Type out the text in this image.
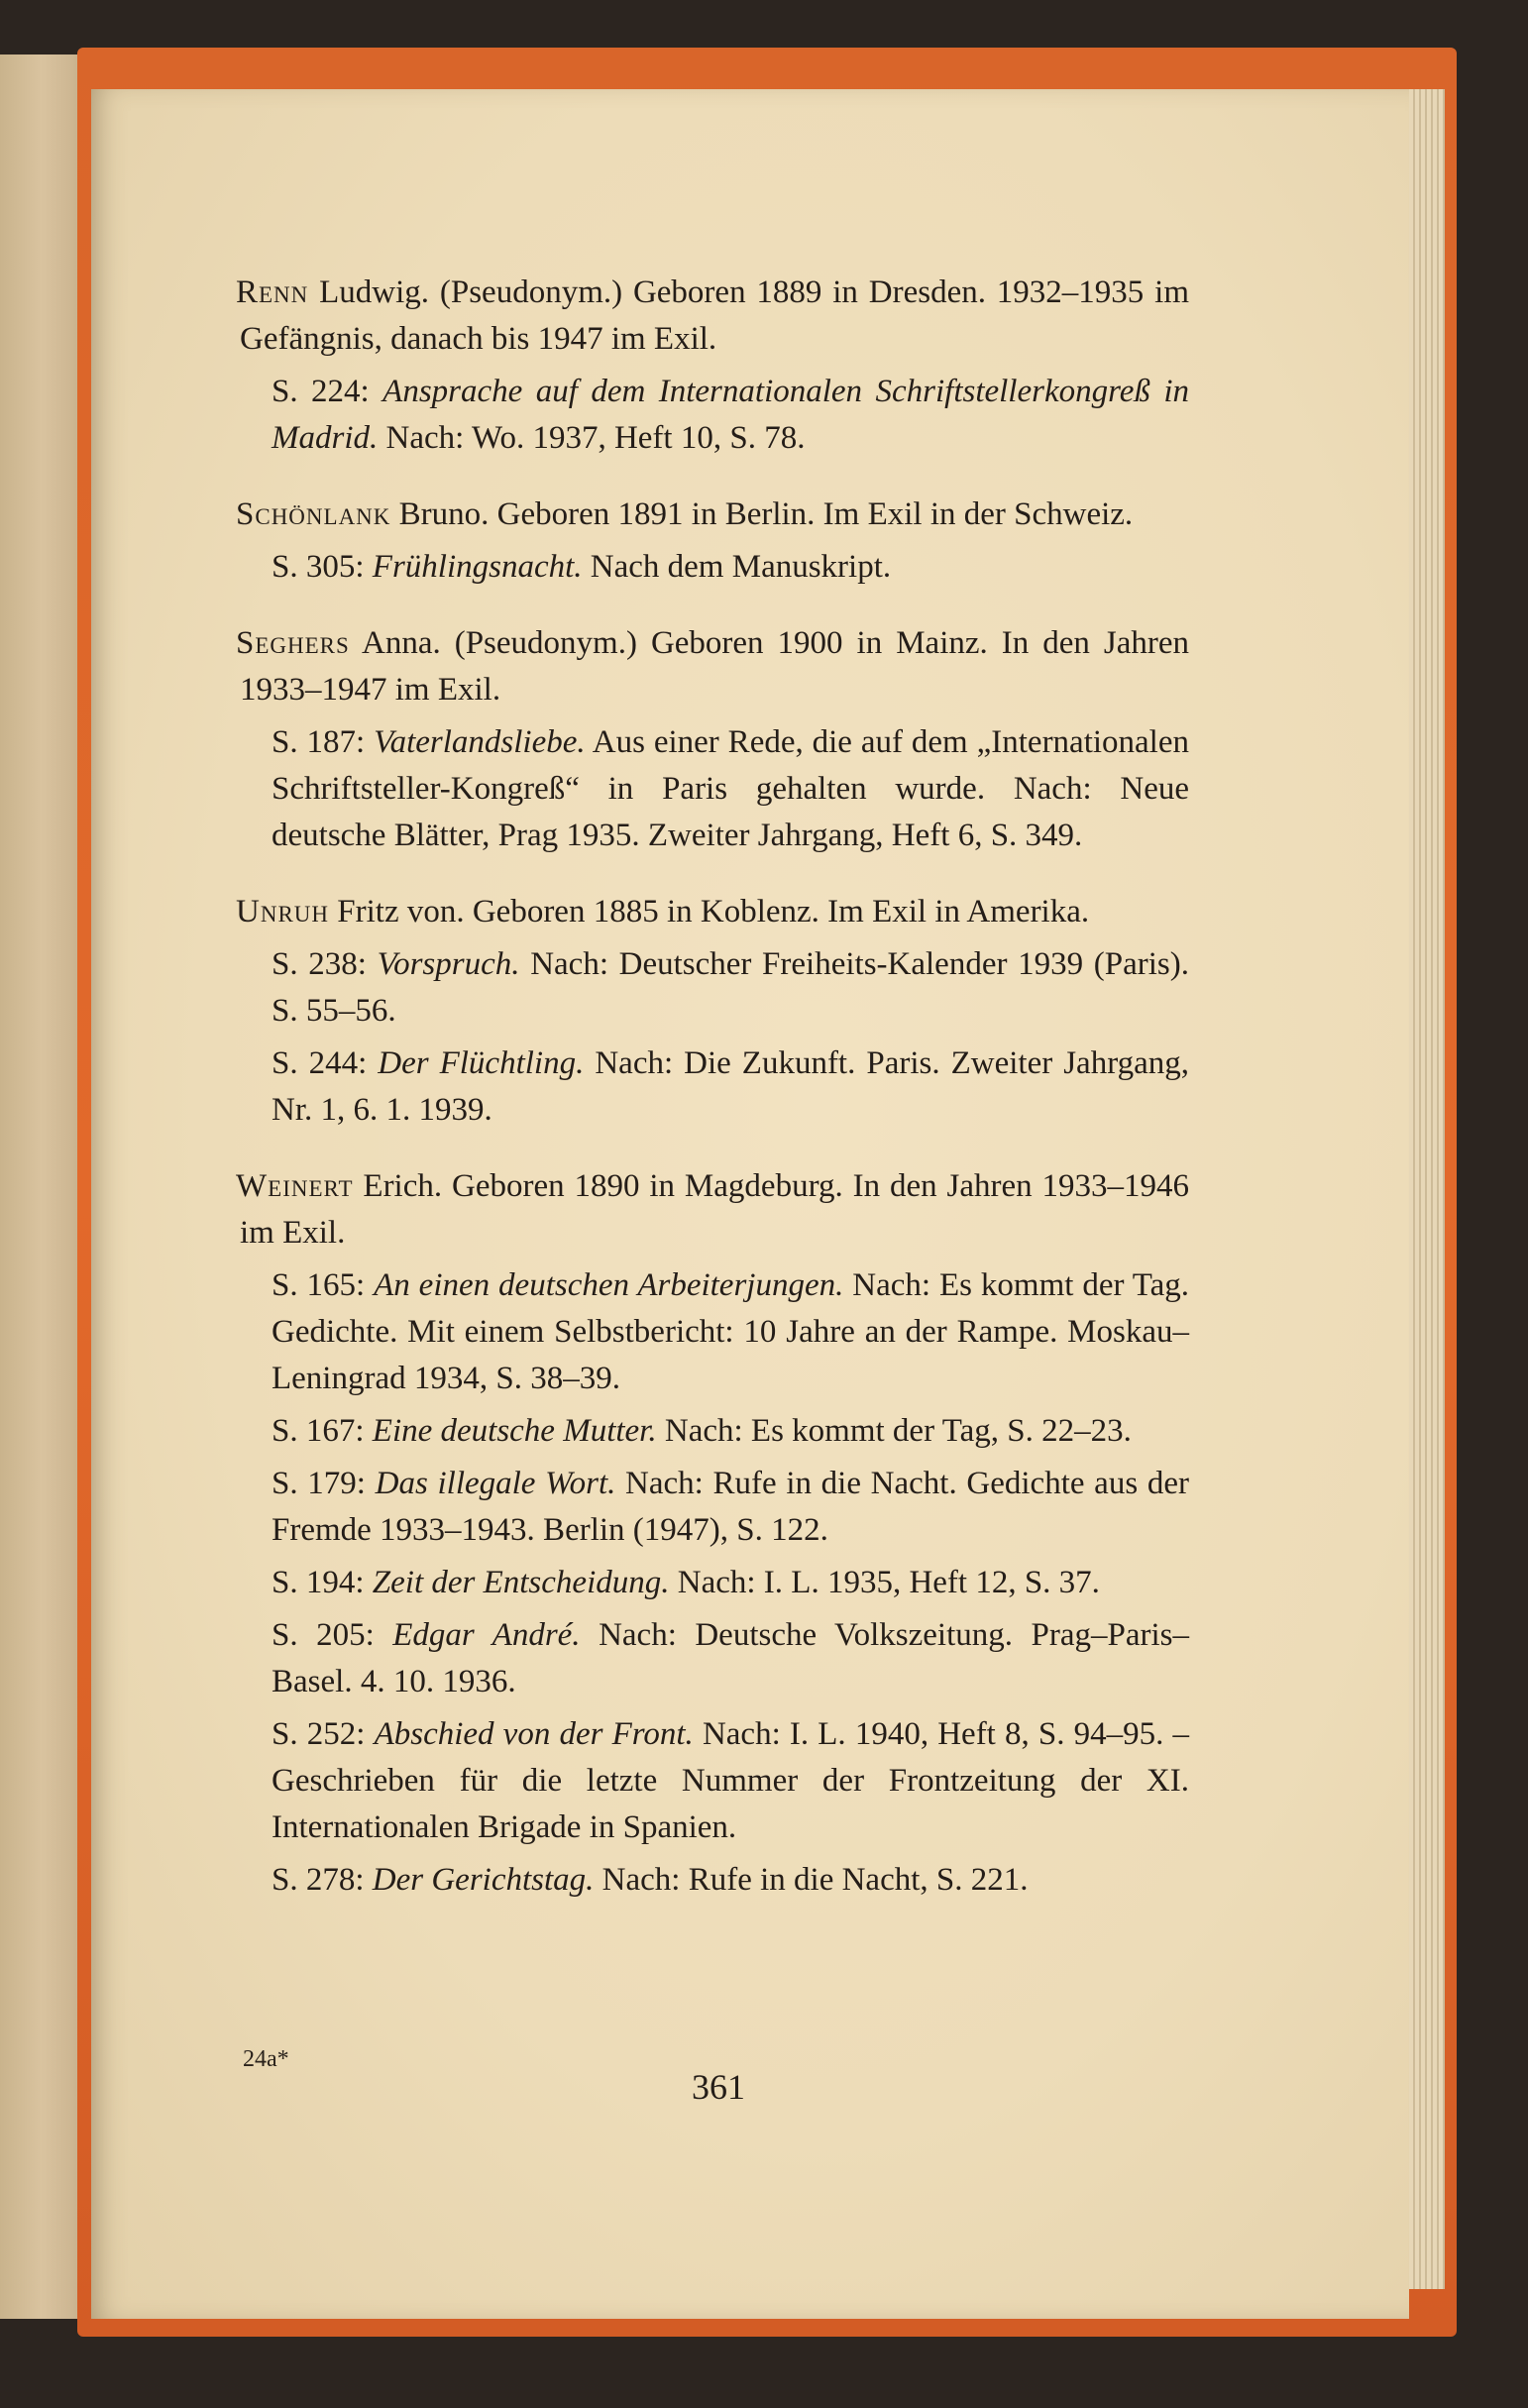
Renn Ludwig. (Pseudonym.) Geboren 1889 in Dresden. 1932–1935 im Gefängnis, danach bis 1947 im Exil.
S. 224: Ansprache auf dem Internationalen Schriftstellerkongreß in Madrid. Nach: Wo. 1937, Heft 10, S. 78.
Schönlank Bruno. Geboren 1891 in Berlin. Im Exil in der Schweiz.
S. 305: Frühlingsnacht. Nach dem Manuskript.
Seghers Anna. (Pseudonym.) Geboren 1900 in Mainz. In den Jahren 1933–1947 im Exil.
S. 187: Vaterlandsliebe. Aus einer Rede, die auf dem „Internationalen Schriftsteller-Kongreß“ in Paris gehalten wurde. Nach: Neue deutsche Blätter, Prag 1935. Zweiter Jahrgang, Heft 6, S. 349.
Unruh Fritz von. Geboren 1885 in Koblenz. Im Exil in Amerika.
S. 238: Vorspruch. Nach: Deutscher Freiheits-Kalender 1939 (Paris). S. 55–56.
S. 244: Der Flüchtling. Nach: Die Zukunft. Paris. Zweiter Jahrgang, Nr. 1, 6. 1. 1939.
Weinert Erich. Geboren 1890 in Magdeburg. In den Jahren 1933–1946 im Exil.
S. 165: An einen deutschen Arbeiterjungen. Nach: Es kommt der Tag. Gedichte. Mit einem Selbstbericht: 10 Jahre an der Rampe. Moskau–Leningrad 1934, S. 38–39.
S. 167: Eine deutsche Mutter. Nach: Es kommt der Tag, S. 22–23.
S. 179: Das illegale Wort. Nach: Rufe in die Nacht. Gedichte aus der Fremde 1933–1943. Berlin (1947), S. 122.
S. 194: Zeit der Entscheidung. Nach: I. L. 1935, Heft 12, S. 37.
S. 205: Edgar André. Nach: Deutsche Volkszeitung. Prag–Paris–Basel. 4. 10. 1936.
S. 252: Abschied von der Front. Nach: I. L. 1940, Heft 8, S. 94–95. – Geschrieben für die letzte Nummer der Frontzeitung der XI. Internationalen Brigade in Spanien.
S. 278: Der Gerichtstag. Nach: Rufe in die Nacht, S. 221.
24a*
361
